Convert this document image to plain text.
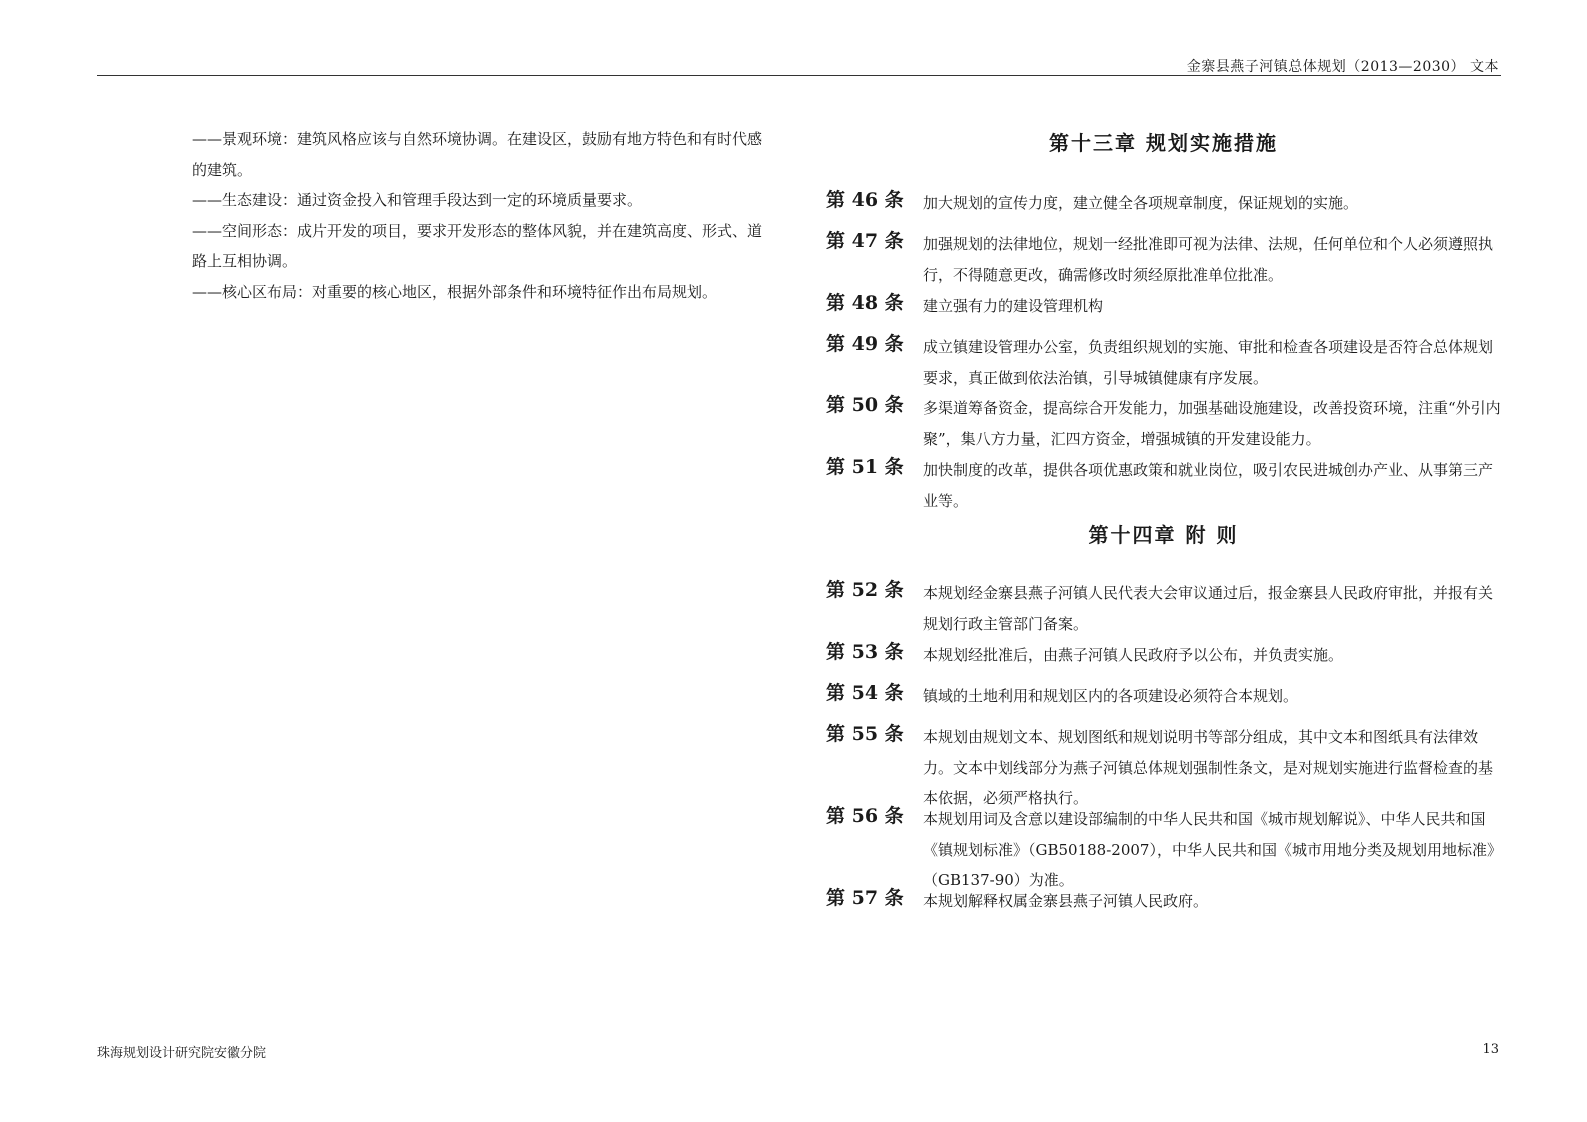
金寨县燕子河镇总体规划（2013—2030） 文本

——景观环境：建筑风格应该与自然环境协调。在建设区，鼓励有地方特色和有时代感的建筑。

——生态建设：通过资金投入和管理手段达到一定的环境质量要求。

——空间形态：成片开发的项目，要求开发形态的整体风貌，并在建筑高度、形式、道路上互相协调。

——核心区布局：对重要的核心地区，根据外部条件和环境特征作出布局规划。

第十三章 规划实施措施
第 46 条 加大规划的宣传力度，建立健全各项规章制度，保证规划的实施。
第 47 条 加强规划的法律地位，规划一经批准即可视为法律、法规，任何单位和个人必须遵照执行，不得随意更改，确需修改时须经原批准单位批准。
第 48 条 建立强有力的建设管理机构
第 49 条 成立镇建设管理办公室，负责组织规划的实施、审批和检查各项建设是否符合总体规划要求，真正做到依法治镇，引导城镇健康有序发展。
第 50 条 多渠道筹备资金，提高综合开发能力，加强基础设施建设，改善投资环境，注重“外引内聚”，集八方力量，汇四方资金，增强城镇的开发建设能力。
第 51 条 加快制度的改革，提供各项优惠政策和就业岗位，吸引农民进城创办产业、从事第三产业等。
第十四章 附 则
第 52 条 本规划经金寨县燕子河镇人民代表大会审议通过后，报金寨县人民政府审批，并报有关规划行政主管部门备案。
第 53 条 本规划经批准后，由燕子河镇人民政府予以公布，并负责实施。
第 54 条 镇域的土地利用和规划区内的各项建设必须符合本规划。
第 55 条 本规划由规划文本、规划图纸和规划说明书等部分组成，其中文本和图纸具有法律效力。文本中划线部分为燕子河镇总体规划强制性条文，是对规划实施进行监督检查的基本依据，必须严格执行。
第 56 条 本规划用词及含意以建设部编制的中华人民共和国《城市规划解说》、中华人民共和国《镇规划标准》（GB50188-2007），中华人民共和国《城市用地分类及规划用地标准》（GB137-90）为准。
第 57 条 本规划解释权属金寨县燕子河镇人民政府。
珠海规划设计研究院安徽分院	13
